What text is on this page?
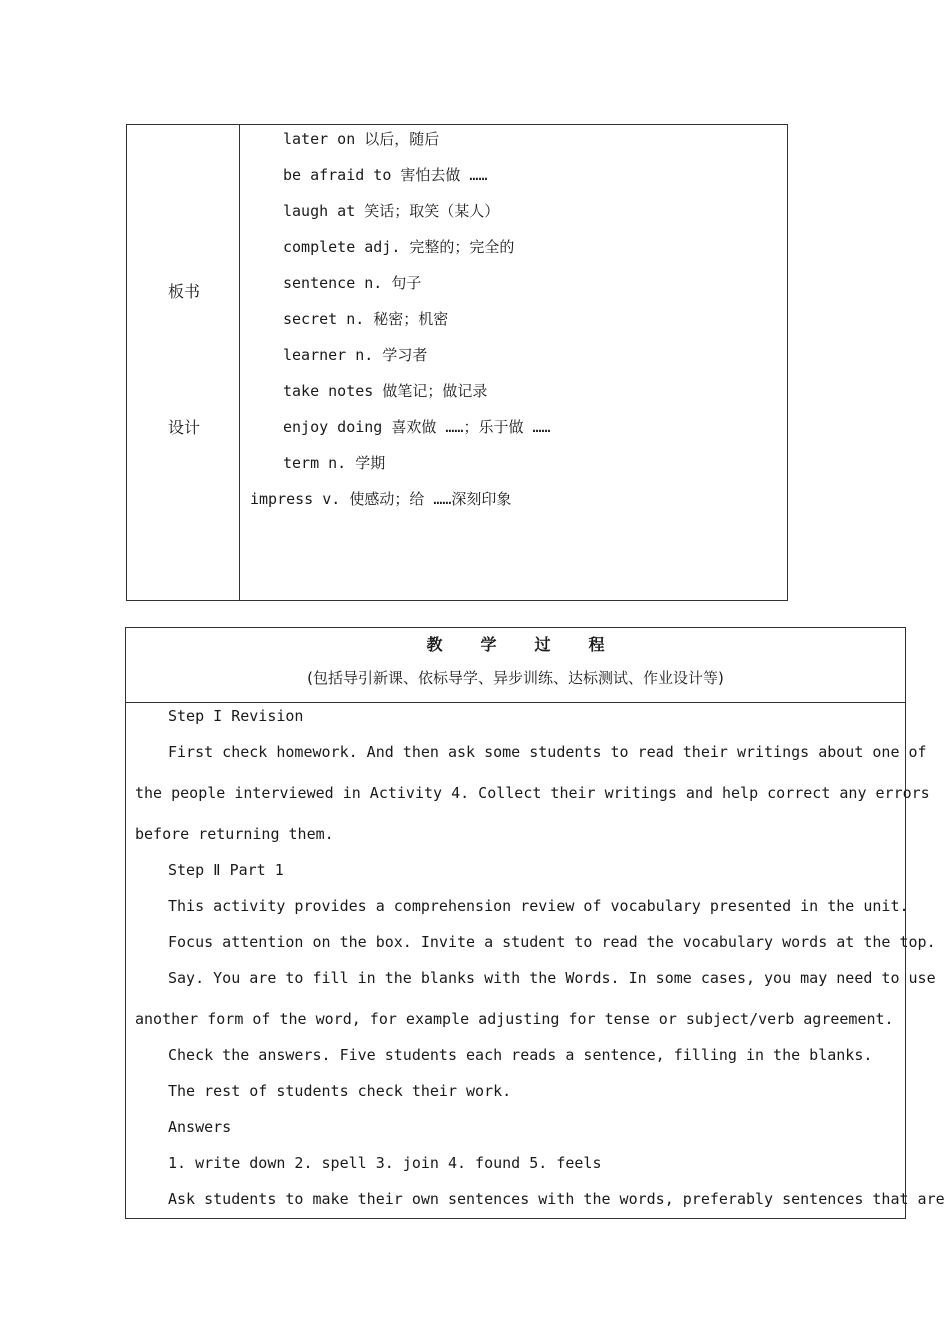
板书
设计
later on 以后，随后
be afraid to 害怕去做 ……
laugh at 笑话；取笑（某人）
complete adj. 完整的；完全的
sentence n. 句子
secret n. 秘密；机密
learner n. 学习者
take notes 做笔记；做记录
enjoy doing 喜欢做 ……；乐于做 ……
term n. 学期
impress v. 使感动；给 ……深刻印象
教学过程
(包括导引新课、依标导学、异步训练、达标测试、作业设计等)
Step I Revision
First check homework. And then ask some students to read their writings about one of
the people interviewed in Activity 4. Collect their writings and help correct any errors
before returning them.
Step Ⅱ Part 1
This activity provides a comprehension review of vocabulary presented in the unit.
Focus attention on the box. Invite a student to read the vocabulary words at the top.
Say. You are to fill in the blanks with the Words. In some cases, you may need to use
another form of the word, for example adjusting for tense or subject/verb agreement.
Check the answers. Five students each reads a sentence, filling in the blanks.
The rest of students check their work.
Answers
1. write down 2. spell 3. join 4. found 5. feels
Ask students to make their own sentences with the words, preferably sentences that are
